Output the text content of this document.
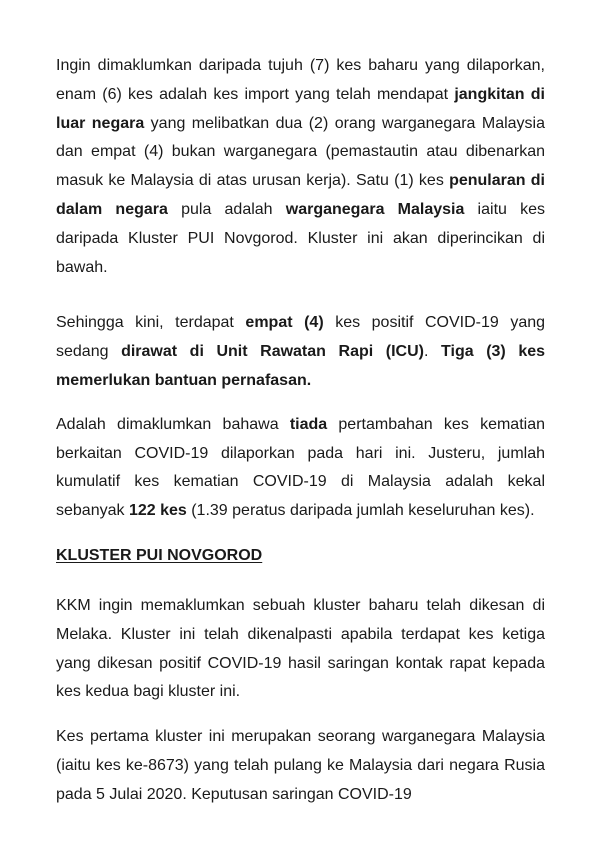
Ingin dimaklumkan daripada tujuh (7) kes baharu yang dilaporkan, enam (6) kes adalah kes import yang telah mendapat jangkitan di luar negara yang melibatkan dua (2) orang warganegara Malaysia dan empat (4) bukan warganegara (pemastautin atau dibenarkan masuk ke Malaysia di atas urusan kerja). Satu (1) kes penularan di dalam negara pula adalah warganegara Malaysia iaitu kes daripada Kluster PUI Novgorod. Kluster ini akan diperincikan di bawah.

Sehingga kini, terdapat empat (4) kes positif COVID-19 yang sedang dirawat di Unit Rawatan Rapi (ICU). Tiga (3) kes memerlukan bantuan pernafasan.

Adalah dimaklumkan bahawa tiada pertambahan kes kematian berkaitan COVID-19 dilaporkan pada hari ini. Justeru, jumlah kumulatif kes kematian COVID-19 di Malaysia adalah kekal sebanyak 122 kes (1.39 peratus daripada jumlah keseluruhan kes).

KLUSTER PUI NOVGOROD

KKM ingin memaklumkan sebuah kluster baharu telah dikesan di Melaka. Kluster ini telah dikenalpasti apabila terdapat kes ketiga yang dikesan positif COVID-19 hasil saringan kontak rapat kepada kes kedua bagi kluster ini.

Kes pertama kluster ini merupakan seorang warganegara Malaysia (iaitu kes ke-8673) yang telah pulang ke Malaysia dari negara Rusia pada 5 Julai 2020. Keputusan saringan COVID-19
